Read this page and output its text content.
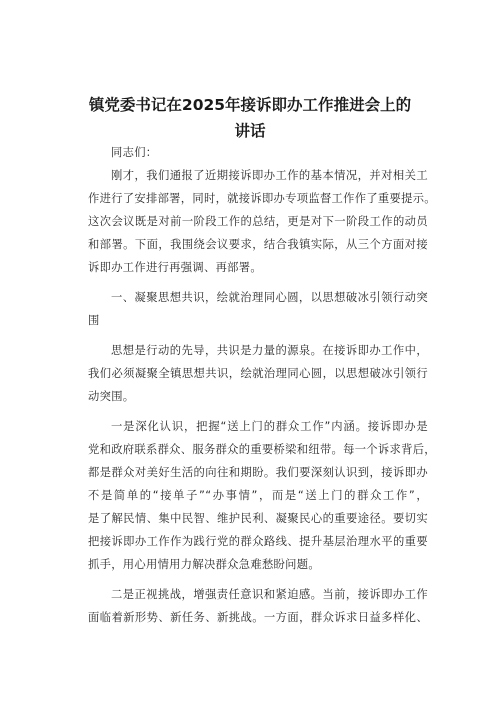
镇党委书记在2025年接诉即办工作推进会上的
讲话
同志们：
刚才，我们通报了近期接诉即办工作的基本情况，并对相关工
作进行了安排部署，同时，就接诉即办专项监督工作作了重要提示。
这次会议既是对前一阶段工作的总结，更是对下一阶段工作的动员
和部署。下面，我围绕会议要求，结合我镇实际，从三个方面对接
诉即办工作进行再强调、再部署。
一、凝聚思想共识，绘就治理同心圆，以思想破冰引领行动突
围
思想是行动的先导，共识是力量的源泉。在接诉即办工作中，
我们必须凝聚全镇思想共识，绘就治理同心圆，以思想破冰引领行
动突围。
一是深化认识，把握“送上门的群众工作”内涵。接诉即办是
党和政府联系群众、服务群众的重要桥梁和纽带。每一个诉求背后，
都是群众对美好生活的向往和期盼。我们要深刻认识到，接诉即办
不是简单的“接单子”“办事情”，而是“送上门的群众工作”，
是了解民情、集中民智、维护民利、凝聚民心的重要途径。要切实
把接诉即办工作作为践行党的群众路线、提升基层治理水平的重要
抓手，用心用情用力解决群众急难愁盼问题。
二是正视挑战，增强责任意识和紧迫感。当前，接诉即办工作
面临着新形势、新任务、新挑战。一方面，群众诉求日益多样化、
